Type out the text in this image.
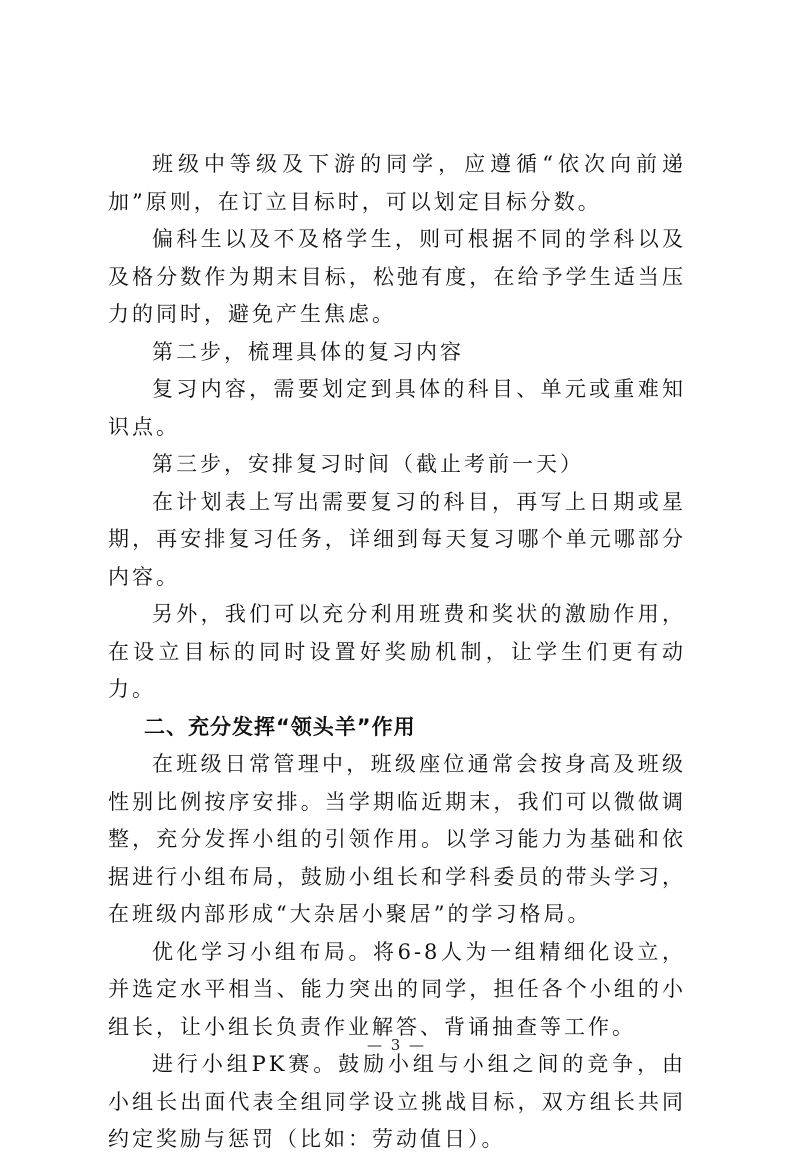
班级中等级及下游的同学，应遵循“依次向前递加”原则，在订立目标时，可以划定目标分数。

偏科生以及不及格学生，则可根据不同的学科以及及格分数作为期末目标，松弛有度，在给予学生适当压力的同时，避免产生焦虑。

第二步，梳理具体的复习内容

复习内容，需要划定到具体的科目、单元或重难知识点。

第三步，安排复习时间（截止考前一天）

在计划表上写出需要复习的科目，再写上日期或星期，再安排复习任务，详细到每天复习哪个单元哪部分内容。

另外，我们可以充分利用班费和奖状的激励作用，在设立目标的同时设置好奖励机制，让学生们更有动力。

二、充分发挥“领头羊”作用

在班级日常管理中，班级座位通常会按身高及班级性别比例按序安排。当学期临近期末，我们可以微做调整，充分发挥小组的引领作用。以学习能力为基础和依据进行小组布局，鼓励小组长和学科委员的带头学习，在班级内部形成“大杂居小聚居”的学习格局。

优化学习小组布局。将6-8人为一组精细化设立，并选定水平相当、能力突出的同学，担任各个小组的小组长，让小组长负责作业解答、背诵抽查等工作。

进行小组PK赛。鼓励小组与小组之间的竞争，由小组长出面代表全组同学设立挑战目标，双方组长共同约定奖励与惩罚（比如：劳动值日）。

— 3 —
